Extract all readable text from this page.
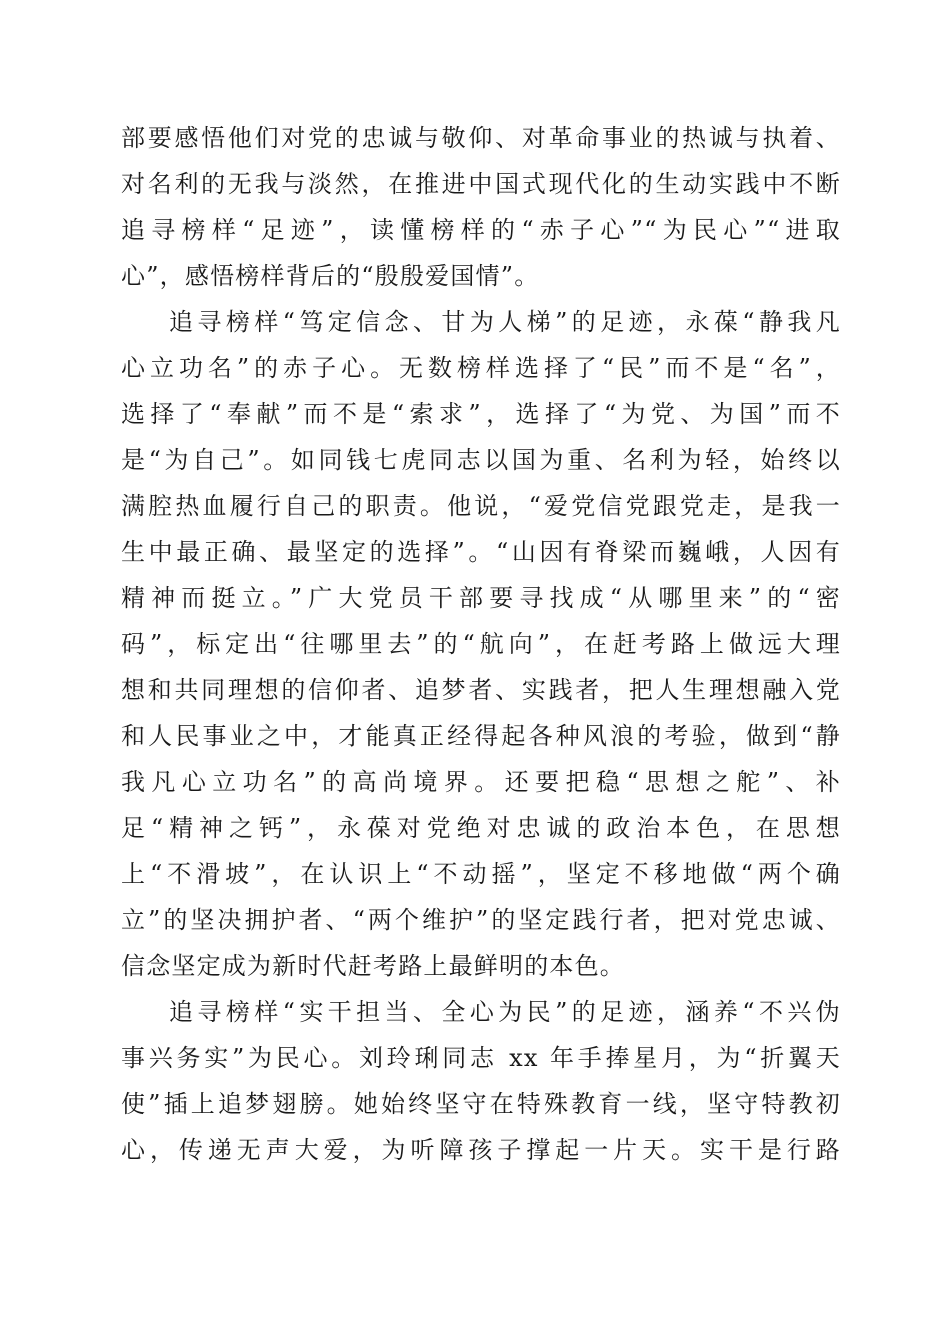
部要感悟他们对党的忠诚与敬仰、对革命事业的热诚与执着、
对名利的无我与淡然，在推进中国式现代化的生动实践中不断
追寻榜样“足迹”，读懂榜样的“赤子心”“为民心”“进取
心”，感悟榜样背后的“殷殷爱国情”。
追寻榜样“笃定信念、甘为人梯”的足迹，永葆“静我凡
心立功名”的赤子心。无数榜样选择了“民”而不是“名”，
选择了“奉献”而不是“索求”，选择了“为党、为国”而不
是“为自己”。如同钱七虎同志以国为重、名利为轻，始终以
满腔热血履行自己的职责。他说，“爱党信党跟党走，是我一
生中最正确、最坚定的选择”。“山因有脊梁而巍峨，人因有
精神而挺立。”广大党员干部要寻找成“从哪里来”的“密
码”，标定出“往哪里去”的“航向”，在赶考路上做远大理
想和共同理想的信仰者、追梦者、实践者，把人生理想融入党
和人民事业之中，才能真正经得起各种风浪的考验，做到“静
我凡心立功名”的高尚境界。还要把稳“思想之舵”、补
足“精神之钙”，永葆对党绝对忠诚的政治本色，在思想
上“不滑坡”，在认识上“不动摇”，坚定不移地做“两个确
立”的坚决拥护者、“两个维护”的坚定践行者，把对党忠诚、
信念坚定成为新时代赶考路上最鲜明的本色。
追寻榜样“实干担当、全心为民”的足迹，涵养“不兴伪
事兴务实”为民心。刘玲琍同志 xx 年手捧星月，为“折翼天
使”插上追梦翅膀。她始终坚守在特殊教育一线，坚守特教初
心，传递无声大爱，为听障孩子撑起一片天。实干是行路
